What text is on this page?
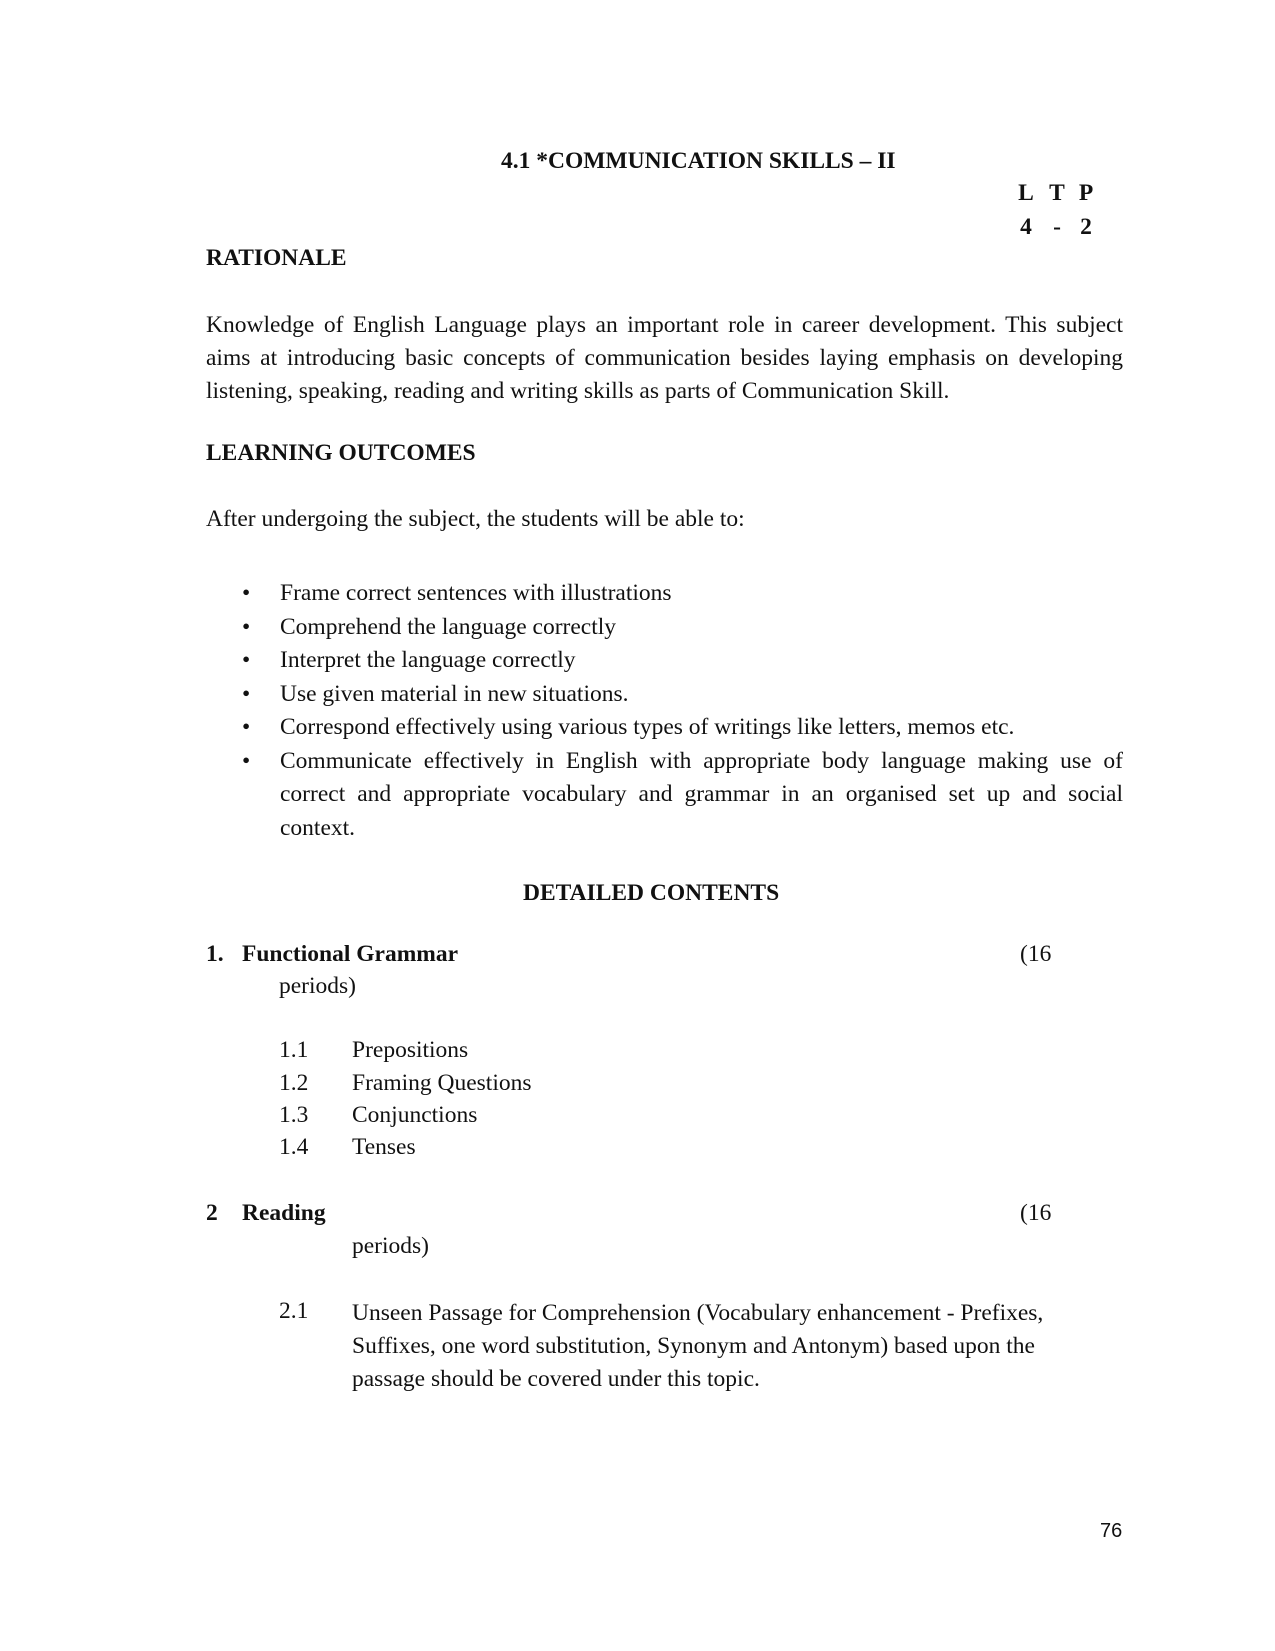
4.1 *COMMUNICATION SKILLS – II
L T P
4 - 2
RATIONALE

Knowledge of English Language plays an important role in career development. This subject aims at introducing basic concepts of communication besides laying emphasis on developing listening, speaking, reading and writing skills as parts of Communication Skill.

LEARNING OUTCOMES
After undergoing the subject, the students will be able to:
• Frame correct sentences with illustrations
• Comprehend the language correctly
• Interpret the language correctly
• Use given material in new situations.
• Correspond effectively using various types of writings like letters, memos etc.
• Communicate effectively in English with appropriate body language making use of correct and appropriate vocabulary and grammar in an organised set up and social context.
DETAILED CONTENTS
1. Functional Grammar	(16
periods)
1.1 Prepositions
1.2 Framing Questions
1.3 Conjunctions
1.4 Tenses
2 Reading	(16
periods)
2.1 Unseen Passage for Comprehension (Vocabulary enhancement - Prefixes, Suffixes, one word substitution, Synonym and Antonym) based upon the passage should be covered under this topic.

76
